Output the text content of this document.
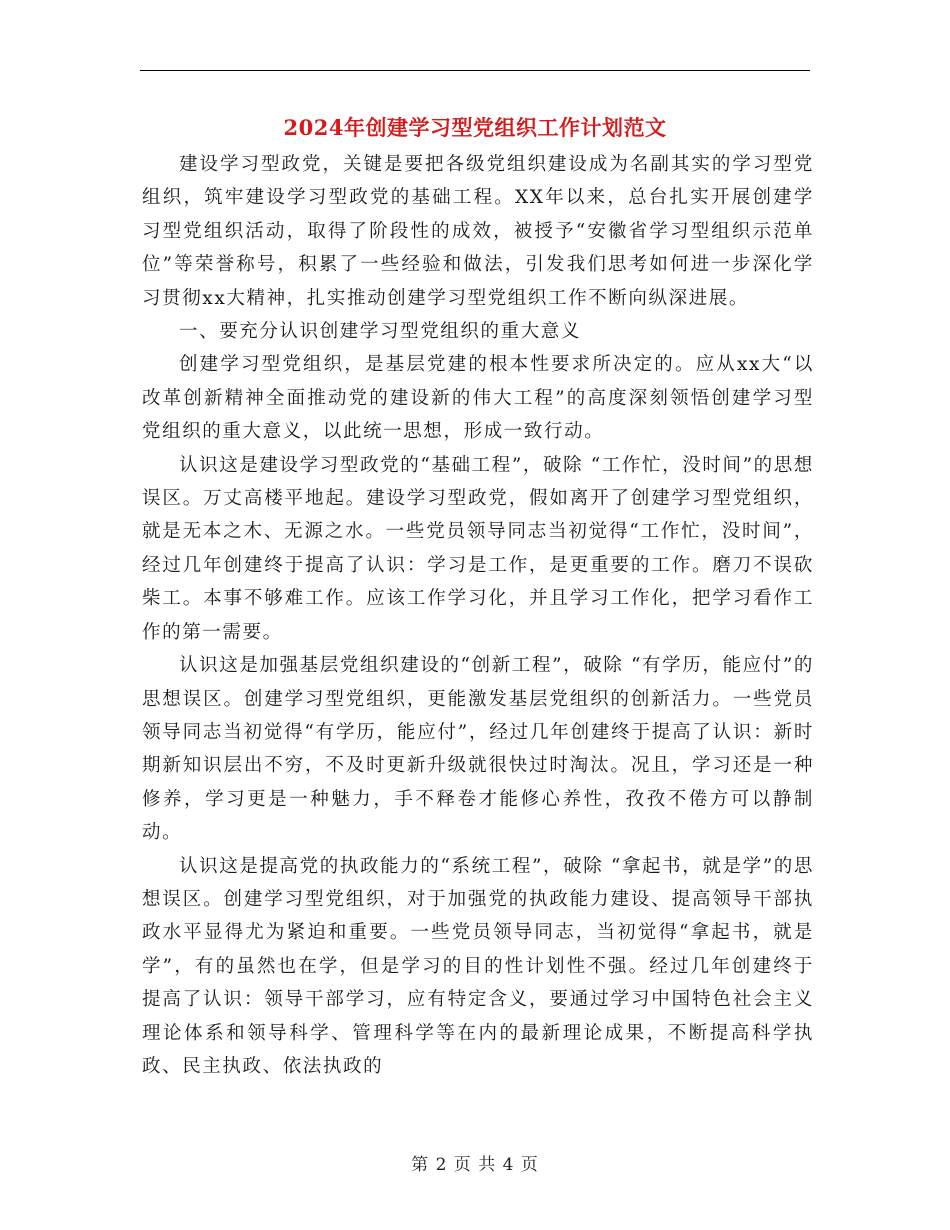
2024年创建学习型党组织工作计划范文

建设学习型政党，关键是要把各级党组织建设成为名副其实的学习型党组织，筑牢建设学习型政党的基础工程。XX年以来，总台扎实开展创建学习型党组织活动，取得了阶段性的成效，被授予“安徽省学习型组织示范单位”等荣誉称号，积累了一些经验和做法，引发我们思考如何进一步深化学习贯彻xx大精神，扎实推动创建学习型党组织工作不断向纵深进展。

一、要充分认识创建学习型党组织的重大意义

创建学习型党组织，是基层党建的根本性要求所决定的。应从xx大“以改革创新精神全面推动党的建设新的伟大工程”的高度深刻领悟创建学习型党组织的重大意义，以此统一思想，形成一致行动。

认识这是建设学习型政党的“基础工程”，破除 “工作忙，没时间”的思想误区。万丈高楼平地起。建设学习型政党，假如离开了创建学习型党组织，就是无本之木、无源之水。一些党员领导同志当初觉得“工作忙，没时间”，经过几年创建终于提高了认识：学习是工作，是更重要的工作。磨刀不误砍柴工。本事不够难工作。应该工作学习化，并且学习工作化，把学习看作工作的第一需要。

认识这是加强基层党组织建设的“创新工程”，破除 “有学历，能应付”的思想误区。创建学习型党组织，更能激发基层党组织的创新活力。一些党员领导同志当初觉得“有学历，能应付”，经过几年创建终于提高了认识：新时期新知识层出不穷，不及时更新升级就很快过时淘汰。况且，学习还是一种修养，学习更是一种魅力，手不释卷才能修心养性，孜孜不倦方可以静制动。

认识这是提高党的执政能力的“系统工程”，破除 “拿起书，就是学”的思想误区。创建学习型党组织，对于加强党的执政能力建设、提高领导干部执政水平显得尤为紧迫和重要。一些党员领导同志，当初觉得“拿起书，就是学”，有的虽然也在学，但是学习的目的性计划性不强。经过几年创建终于提高了认识：领导干部学习，应有特定含义，要通过学习中国特色社会主义理论体系和领导科学、管理科学等在内的最新理论成果，不断提高科学执政、民主执政、依法执政的

第 2 页 共 4 页
